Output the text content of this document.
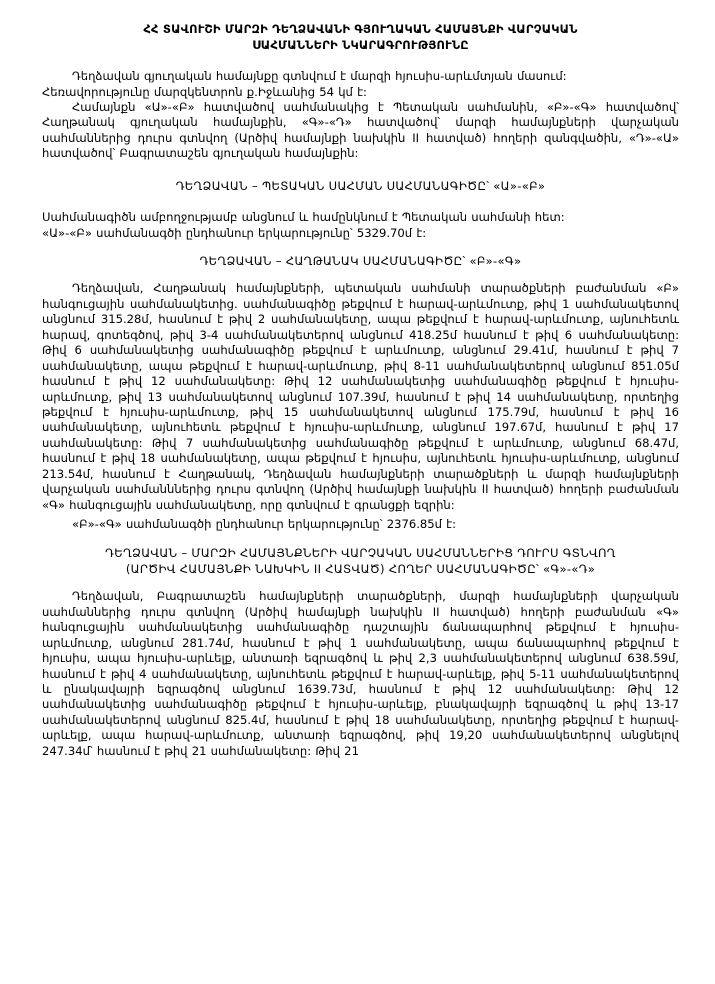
ՀՀ ՏԱՎՈՒՇԻ ՄԱՐԶԻ ԴԵՂՁԱՎԱՆԻ ԳՅՈՒՂԱԿԱՆ ՀԱՄԱՅՆՔԻ ՎԱՐՉԱԿԱՆ
ՍԱՀՄԱՆՆԵՐԻ ՆԿԱՐԱԳՐՈՒԹՅՈՒՆԸ

Դեղձավան գյուղական համայնքը գտնվում է մարզի հյուսիս-արևմտյան մասում:

Հեռավորությունը մարզկենտրոն ք.Իջևանից 54 կմ է:

Համայնքն «Ա»-«Բ» հատվածով սահմանակից է Պետական սահմանին, «Բ»-«Գ» հատվածով՝ Հաղթանակ գյուղական համայնքին, «Գ»-«Դ» հատվածով՝ մարզի համայնքների վարչական սահմաններից դուրս գտնվող (Արծիվ համայնքի նախկին II հատված) հողերի զանգվածին, «Դ»-«Ա» հատվածով՝ Բագրատաշեն գյուղական համայնքին:

ԴԵՂՁԱՎԱՆ – ՊԵՏԱԿԱՆ ՍԱՀՄԱՆ ՍԱՀՄԱՆԱԳԻԾԸ՝ «Ա»-«Բ»

Սահմանագիծն ամբողջությամբ անցնում և համընկնում է Պետական սահմանի հետ:

«Ա»-«Բ» սահմանագծի ընդհանուր երկարությունը՝ 5329.70մ է:

ԴԵՂՁԱՎԱՆ – ՀԱՂԹԱՆԱԿ ՍԱՀՄԱՆԱԳԻԾԸ՝ «Բ»-«Գ»

Դեղձավան, Հաղթանակ համայնքների, պետական սահմանի տարածքների բաժանման «Բ» հանգուցային սահմանակետից. սահմանագիծը թեքվում է հարավ-արևմուտք, թիվ 1 սահմանակետով անցնում 315.28մ, հասնում է թիվ 2 սահմանակետը, ապա թեքվում է հարավ-արևմուտք, այնուհետև հարավ, գոտեգծով, թիվ 3-4 սահմանակետերով անցնում 418.25մ հասնում է թիվ 6 սահմանակետը: Թիվ 6 սահմանակետից սահմանագիծը թեքվում է արևմուտք, անցնում 29.41մ, հասնում է թիվ 7 սահմանակետը, ապա թեքվում է հարավ-արևմուտք, թիվ 8-11 սահմանակետերով անցնում 851.05մ հասնում է թիվ 12 սահմանակետը: Թիվ 12 սահմանակետից սահմանագիծը թեքվում է հյուսիս-արևմուտք, թիվ 13 սահմանակետով անցնում 107.39մ, հասնում է թիվ 14 սահմանակետը, որտեղից թեքվում է հյուսիս-արևմուտք, թիվ 15 սահմանակետով անցնում 175.79մ, հասնում է թիվ 16 սահմանակետը, այնուհետև թեքվում է հյուսիս-արևմուտք, անցնում 197.67մ, հասնում է թիվ 17 սահմանակետը: Թիվ 7 սահմանակետից սահմանագիծը թեքվում է արևմուտք, անցնում 68.47մ, հասնում է թիվ 18 սահմանակետը, ապա թեքվում է հյուսիս, այնուհետև հյուսիս-արևմուտք, անցնում 213.54մ, հասնում է Հաղթանակ, Դեղձավան համայնքների տարածքների և մարզի համայնքների վարչական սահմանններից դուրս գտնվող (Արծիվ համայնքի նախկին II հատված) հողերի բաժանման «Գ» հանգուցային սահմանակետը, որը գտնվում է գրանցքի եզրին:

«Բ»-«Գ» սահմանագծի ընդհանուր երկարությունը՝ 2376.85մ է:

ԴԵՂՁԱՎԱՆ – ՄԱՐԶԻ ՀԱՄԱՅՆՔՆԵՐԻ ՎԱՐՉԱԿԱՆ ՍԱՀՄԱՆՆԵՐԻՑ ԴՈՒՐՍ ԳՏՆՎՈՂ
(ԱՐԾԻՎ ՀԱՄԱՅՆՔԻ ՆԱԽԿԻՆ II ՀԱՏՎԱԾ) ՀՈՂԵՐ ՍԱՀՄԱՆԱԳԻԾԸ՝ «Գ»-«Դ»

Դեղձավան, Բագրատաշեն համայնքների տարածքների, մարզի համայնքների վարչական սահմաններից դուրս գտնվող (Արծիվ համայնքի նախկին II հատված) հողերի բաժանման «Գ» հանգուցային սահմանակետից սահմանագիծը դաշտային ճանապարհով թեքվում է հյուսիս-արևմուտք, անցնում 281.74մ, հասնում է թիվ 1 սահմանակետը, ապա ճանապարհով թեքվում է հյուսիս, ապա հյուսիս-արևելք, անտառի եզրագծով և թիվ 2,3 սահմանակետերով անցնում 638.59մ, հասնում է թիվ 4 սահմանակետը, այնուհետև թեքվում է հարավ-արևելք, թիվ 5-11 սահմանակետերով և ընակավայրի եզրագծով անցնում 1639.73մ, հասնում է թիվ 12 սահմանակետը: Թիվ 12 սահմանակետից սահմանագիծը թեքվում է հյուսիս-արևելք, բնակավայրի եզրագծով և թիվ 13-17 սահմանակետերով անցնում 825.4մ, հասնում է թիվ 18 սահմանակետը, որտեղից թեքվում է հարավ-արևելք, ապա հարավ-արևմուտք, անտառի եզրագծով, թիվ 19,20 սահմանակետերով անցնելով 247.34մ՝ հասնում է թիվ 21 սահմանակետը: Թիվ 21
